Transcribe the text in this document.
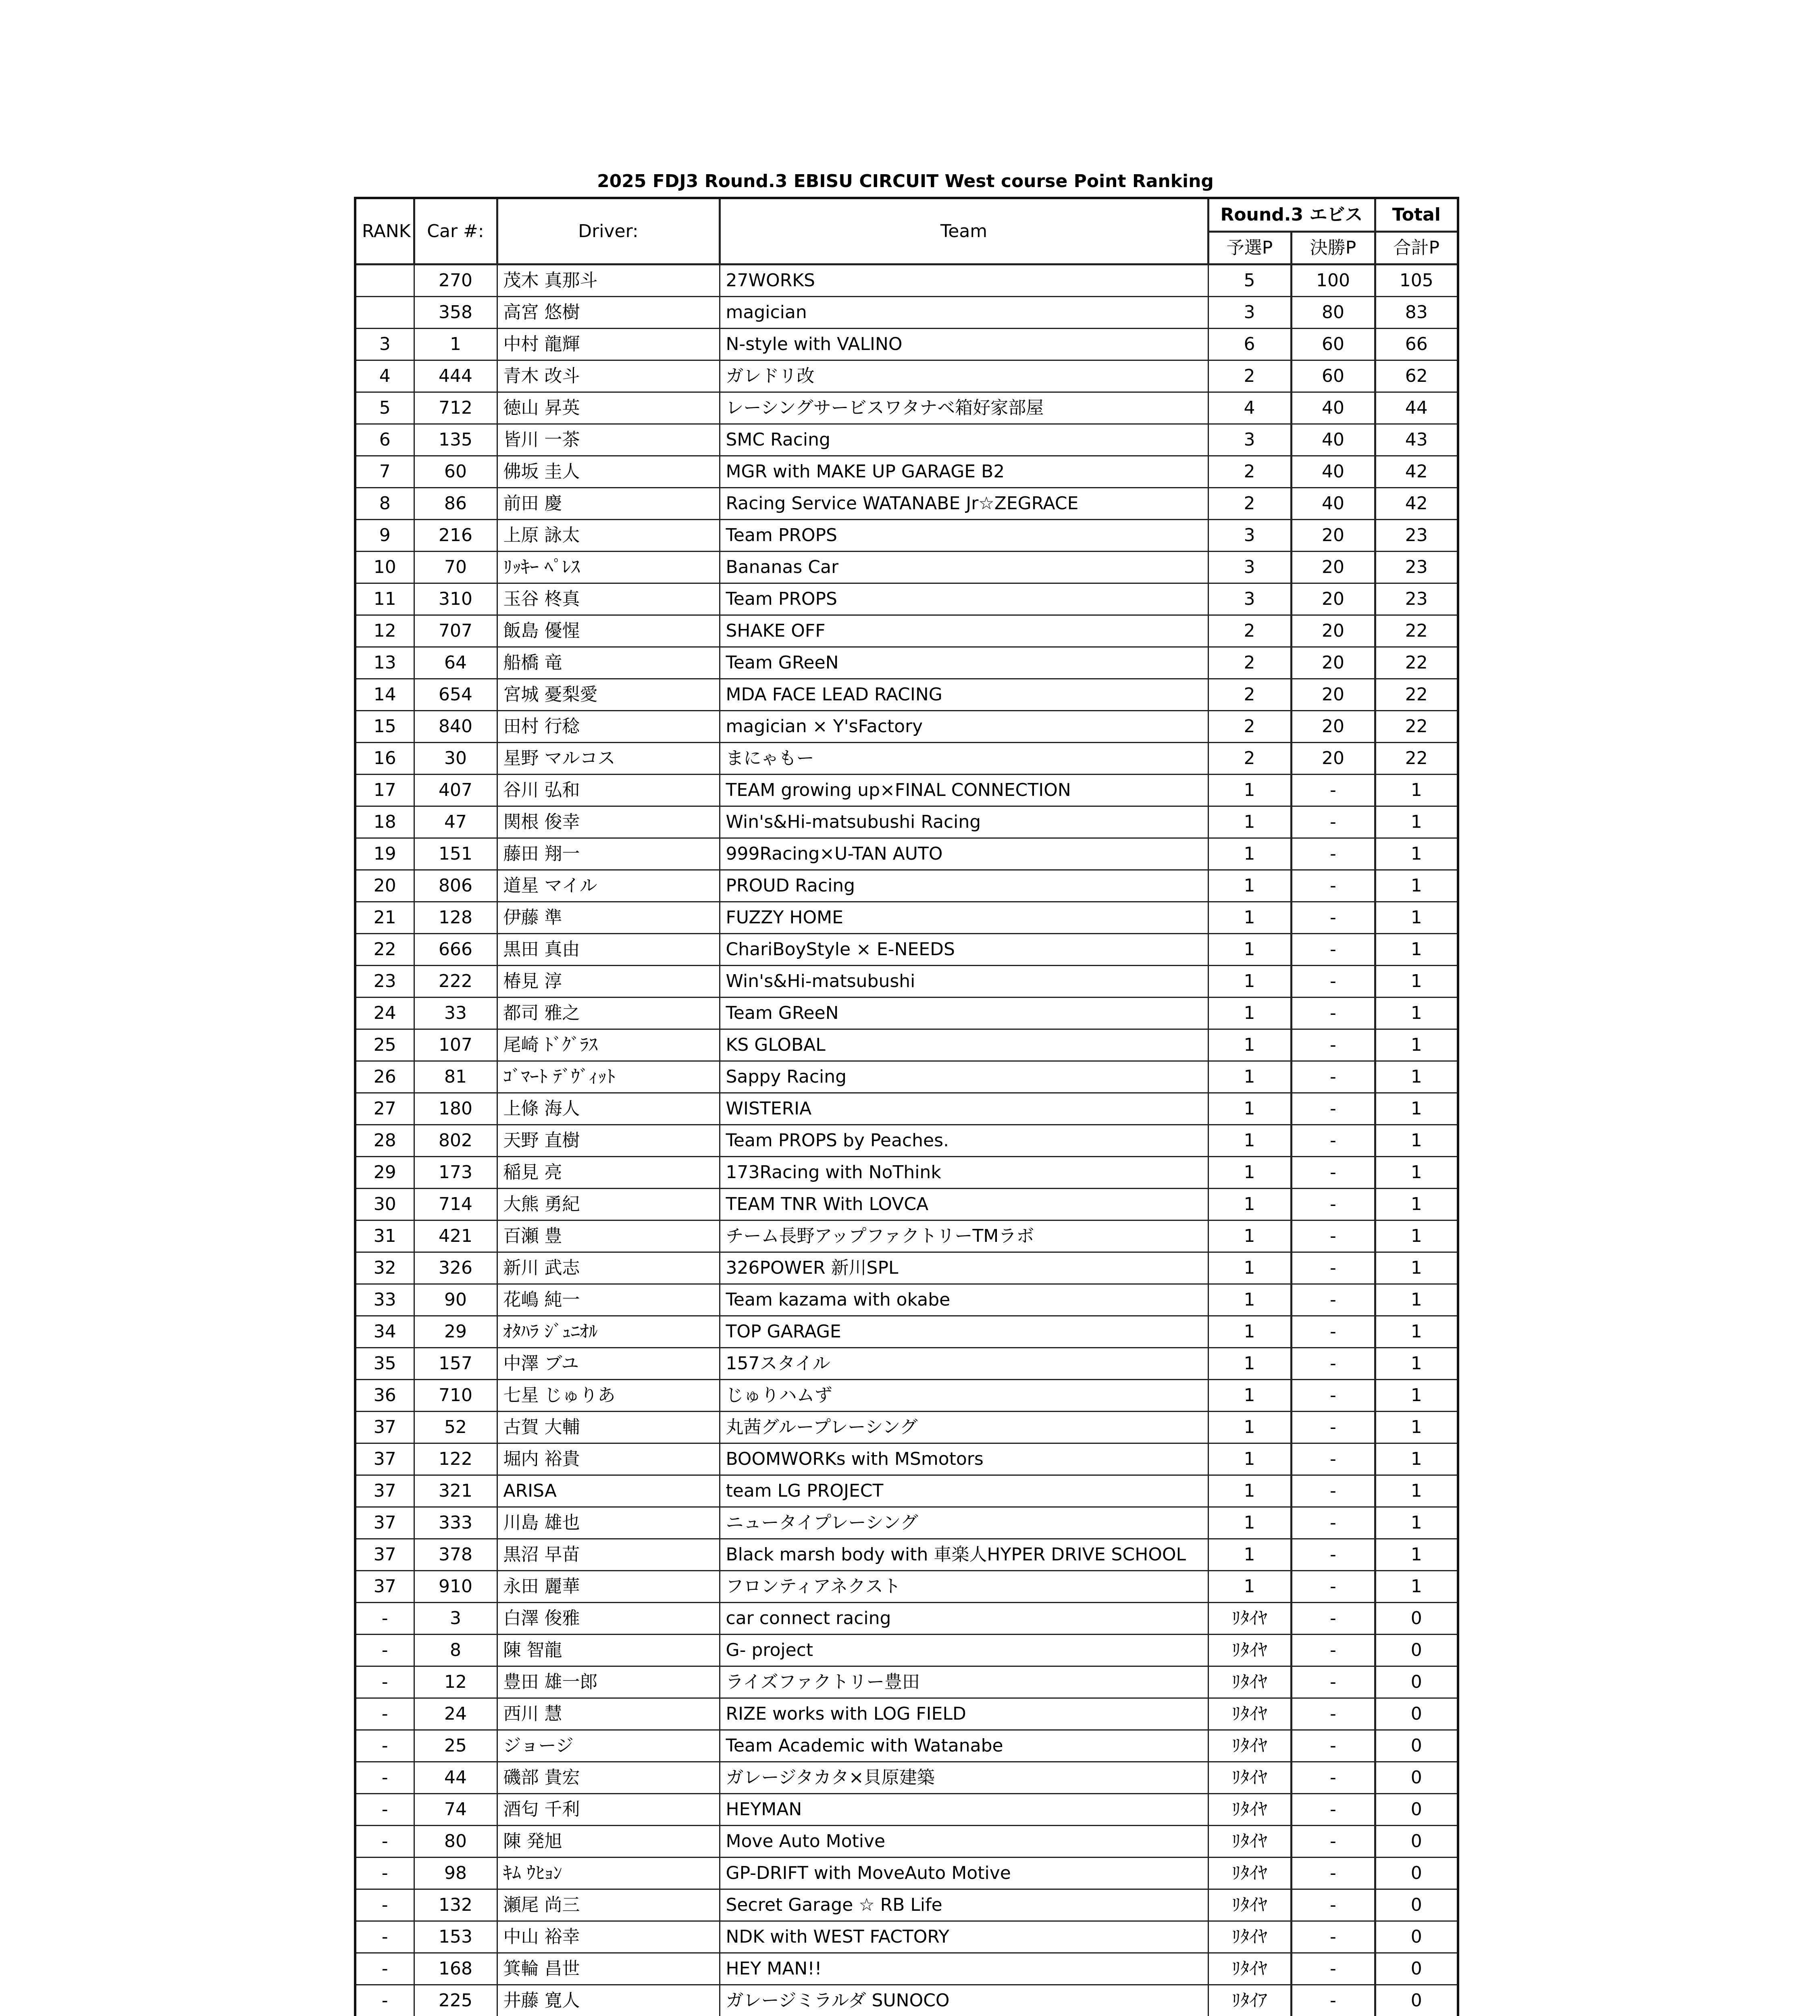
2025 FDJ3 Round.3 EBISU CIRCUIT West course Point Ranking
RANK	Car #:	Driver:	Team	Round.3 エビス		Total
				予選P	決勝P	合計P
	270	茂木 真那斗	27WORKS	5	100	105
	358	高宮 悠樹	magician	3	80	83
3	1	中村 龍輝	N-style with VALINO	6	60	66
4	444	青木 改斗	ガレドリ改	2	60	62
5	712	徳山 昇英	レーシングサービスワタナベ箱好家部屋	4	40	44
6	135	皆川 一茶	SMC Racing	3	40	43
7	60	佛坂 圭人	MGR with MAKE UP GARAGE B2	2	40	42
8	86	前田 慶	Racing Service WATANABE Jr☆ZEGRACE	2	40	42
9	216	上原 詠太	Team PROPS	3	20	23
10	70	ﾘｯｷｰ ﾍﾟﾚｽ	Bananas Car	3	20	23
11	310	玉谷 柊真	Team PROPS	3	20	23
12	707	飯島 優惺	SHAKE OFF	2	20	22
13	64	船橋 竜	Team GReeN	2	20	22
14	654	宮城 憂梨愛	MDA FACE LEAD RACING	2	20	22
15	840	田村 行稔	magician × Y'sFactory	2	20	22
16	30	星野 マルコス	まにゃもー	2	20	22
17	407	谷川 弘和	TEAM growing up×FINAL CONNECTION	1	-	1
18	47	関根 俊幸	Win's&Hi-matsubushi Racing	1	-	1
19	151	藤田 翔一	999Racing×U-TAN AUTO	1	-	1
20	806	道星 マイル	PROUD Racing	1	-	1
21	128	伊藤 準	FUZZY HOME	1	-	1
22	666	黒田 真由	ChariBoyStyle × E-NEEDS	1	-	1
23	222	椿見 淳	Win's&Hi-matsubushi	1	-	1
24	33	都司 雅之	Team GReeN	1	-	1
25	107	尾崎 ﾄﾞｸﾞﾗｽ	KS GLOBAL	1	-	1
26	81	ｺﾞﾏｰﾄ ﾃﾞｳﾞｨｯﾄ	Sappy Racing	1	-	1
27	180	上條 海人	WISTERIA	1	-	1
28	802	天野 直樹	Team PROPS by Peaches.	1	-	1
29	173	稲見 亮	173Racing with NoThink	1	-	1
30	714	大熊 勇紀	TEAM TNR With LOVCA	1	-	1
31	421	百瀬 豊	チーム長野アップファクトリーTMラボ	1	-	1
32	326	新川 武志	326POWER 新川SPL	1	-	1
33	90	花嶋 純一	Team kazama with okabe	1	-	1
34	29	ｵﾀﾊﾗ ｼﾞｭﾆｵﾙ	TOP GARAGE	1	-	1
35	157	中澤 ブユ	157スタイル	1	-	1
36	710	七星 じゅりあ	じゅりハムず	1	-	1
37	52	古賀 大輔	丸茜グループレーシング	1	-	1
37	122	堀内 裕貴	BOOMWORKs with MSmotors	1	-	1
37	321	ARISA	team LG PROJECT	1	-	1
37	333	川島 雄也	ニュータイプレーシング	1	-	1
37	378	黒沼 早苗	Black marsh body with 車楽人HYPER DRIVE SCHOOL	1	-	1
37	910	永田 麗華	フロンティアネクスト	1	-	1
-	3	白澤 俊雅	car connect racing	ﾘﾀｲﾔ	-	0
-	8	陳 智龍	G- project	ﾘﾀｲﾔ	-	0
-	12	豊田 雄一郎	ライズファクトリー豊田	ﾘﾀｲﾔ	-	0
-	24	西川 慧	RIZE works with LOG FIELD	ﾘﾀｲﾔ	-	0
-	25	ジョージ	Team Academic with Watanabe	ﾘﾀｲﾔ	-	0
-	44	磯部 貴宏	ガレージタカタ×貝原建築	ﾘﾀｲﾔ	-	0
-	74	酒匂 千利	HEYMAN	ﾘﾀｲﾔ	-	0
-	80	陳 発旭	Move Auto Motive	ﾘﾀｲﾔ	-	0
-	98	ｷﾑ ｳﾋｮﾝ	GP-DRIFT with MoveAuto Motive	ﾘﾀｲﾔ	-	0
-	132	瀬尾 尚三	Secret Garage ☆ RB Life	ﾘﾀｲﾔ	-	0
-	153	中山 裕幸	NDK with WEST FACTORY	ﾘﾀｲﾔ	-	0
-	168	箕輪 昌世	HEY MAN!!	ﾘﾀｲﾔ	-	0
-	225	井藤 寛人	ガレージミラルダ SUNOCO	ﾘﾀｲｱ	-	0
